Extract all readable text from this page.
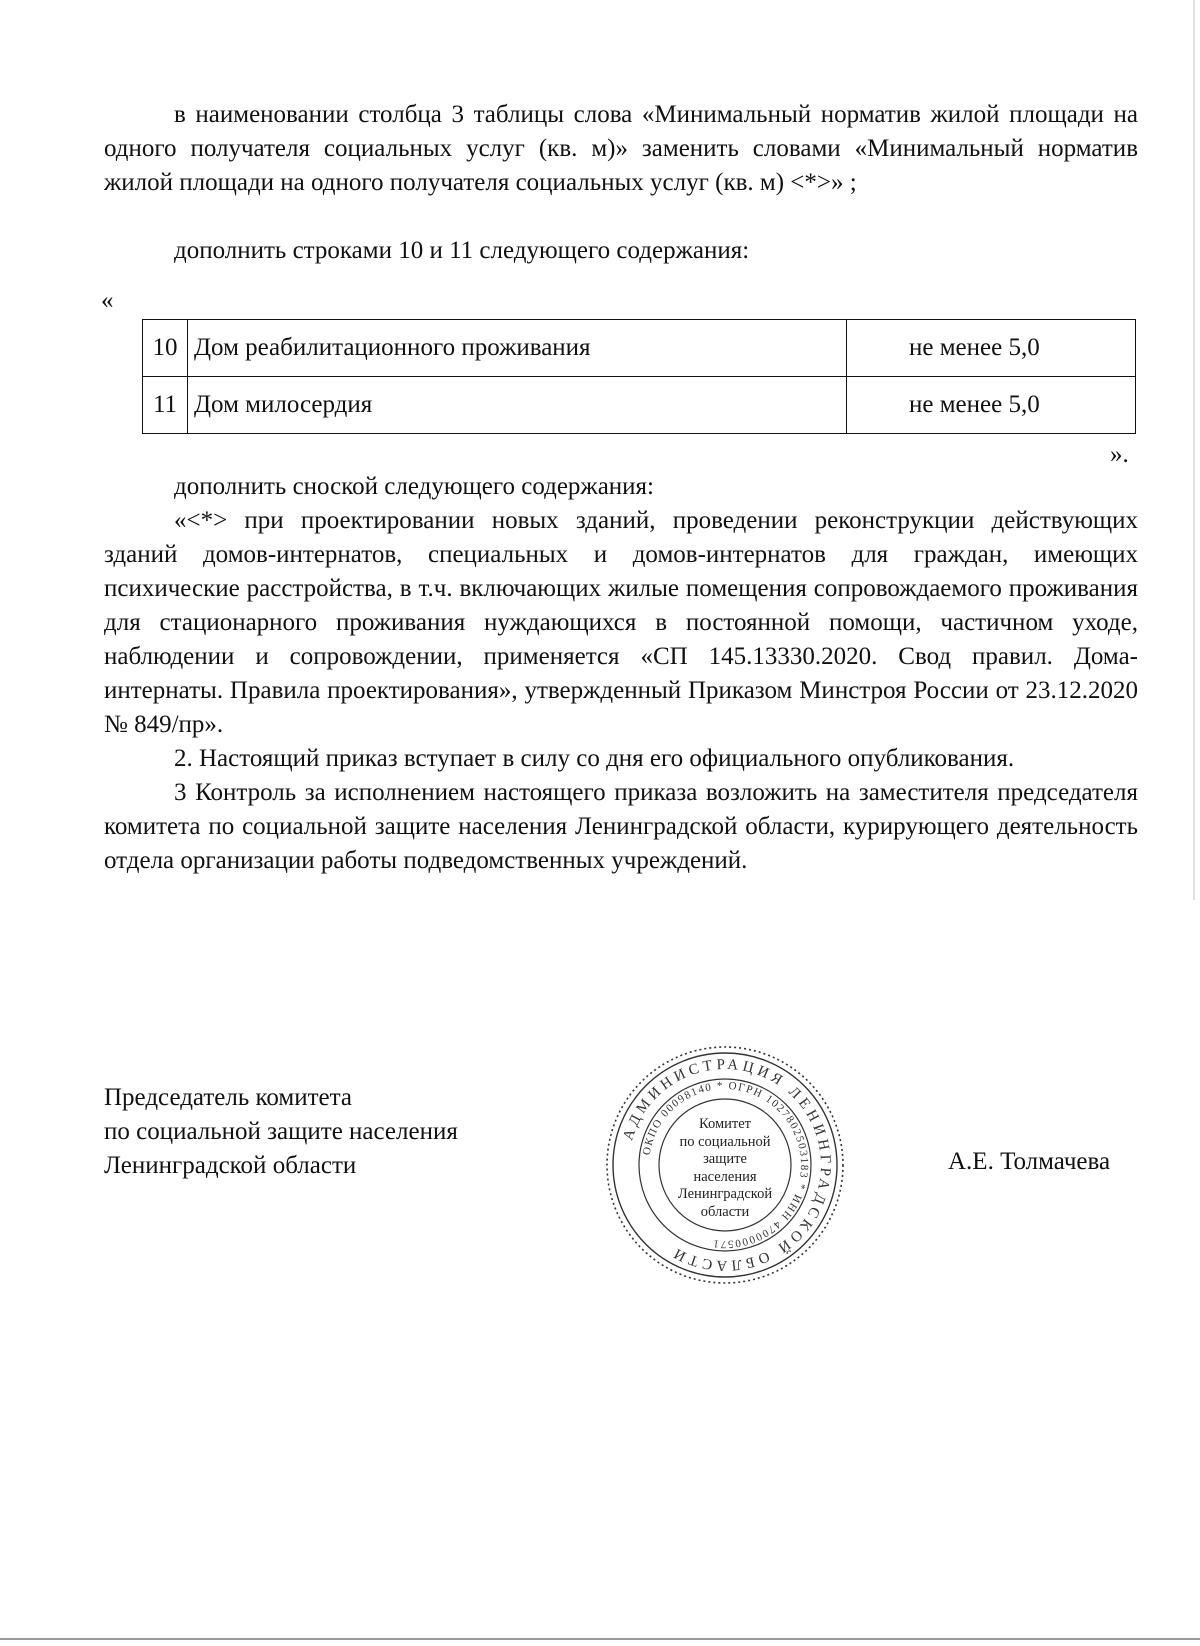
в наименовании столбца 3 таблицы слова «Минимальный норматив жилой площади на одного получателя социальных услуг (кв. м)» заменить словами «Минимальный норматив жилой площади на одного получателя социальных услуг (кв. м) <*>» ;

дополнить строками 10 и 11 следующего содержания:

«
10	Дом реабилитационного проживания	не менее 5,0
11	Дом милосердия	не менее 5,0
».

дополнить сноской следующего содержания:

«<*> при проектировании новых зданий, проведении реконструкции действующих зданий домов-интернатов, специальных и домов-интернатов для граждан, имеющих психические расстройства, в т.ч. включающих жилые помещения сопровождаемого проживания для стационарного проживания нуждающихся в постоянной помощи, частичном уходе, наблюдении и сопровождении, применяется «СП 145.13330.2020. Свод правил. Дома-интернаты. Правила проектирования», утвержденный Приказом Минстроя России от 23.12.2020 № 849/пр».

2. Настоящий приказ вступает в силу со дня его официального опубликования.

3 Контроль за исполнением настоящего приказа возложить на заместителя председателя комитета по социальной защите населения Ленинградской области, курирующего деятельность отдела организации работы подведомственных учреждений.

Председатель комитета
по социальной защите населения
Ленинградской области
АДМИНИСТРАЦИЯ ЛЕНИНГРАДСКОЙ ОБЛАСТИ
ОКПО 00098140 * ОГРН 1027802503183 * ИНН 4700000571
Комитет
по социальной
защите
населения
Ленинградской
области
А.Е. Толмачева
